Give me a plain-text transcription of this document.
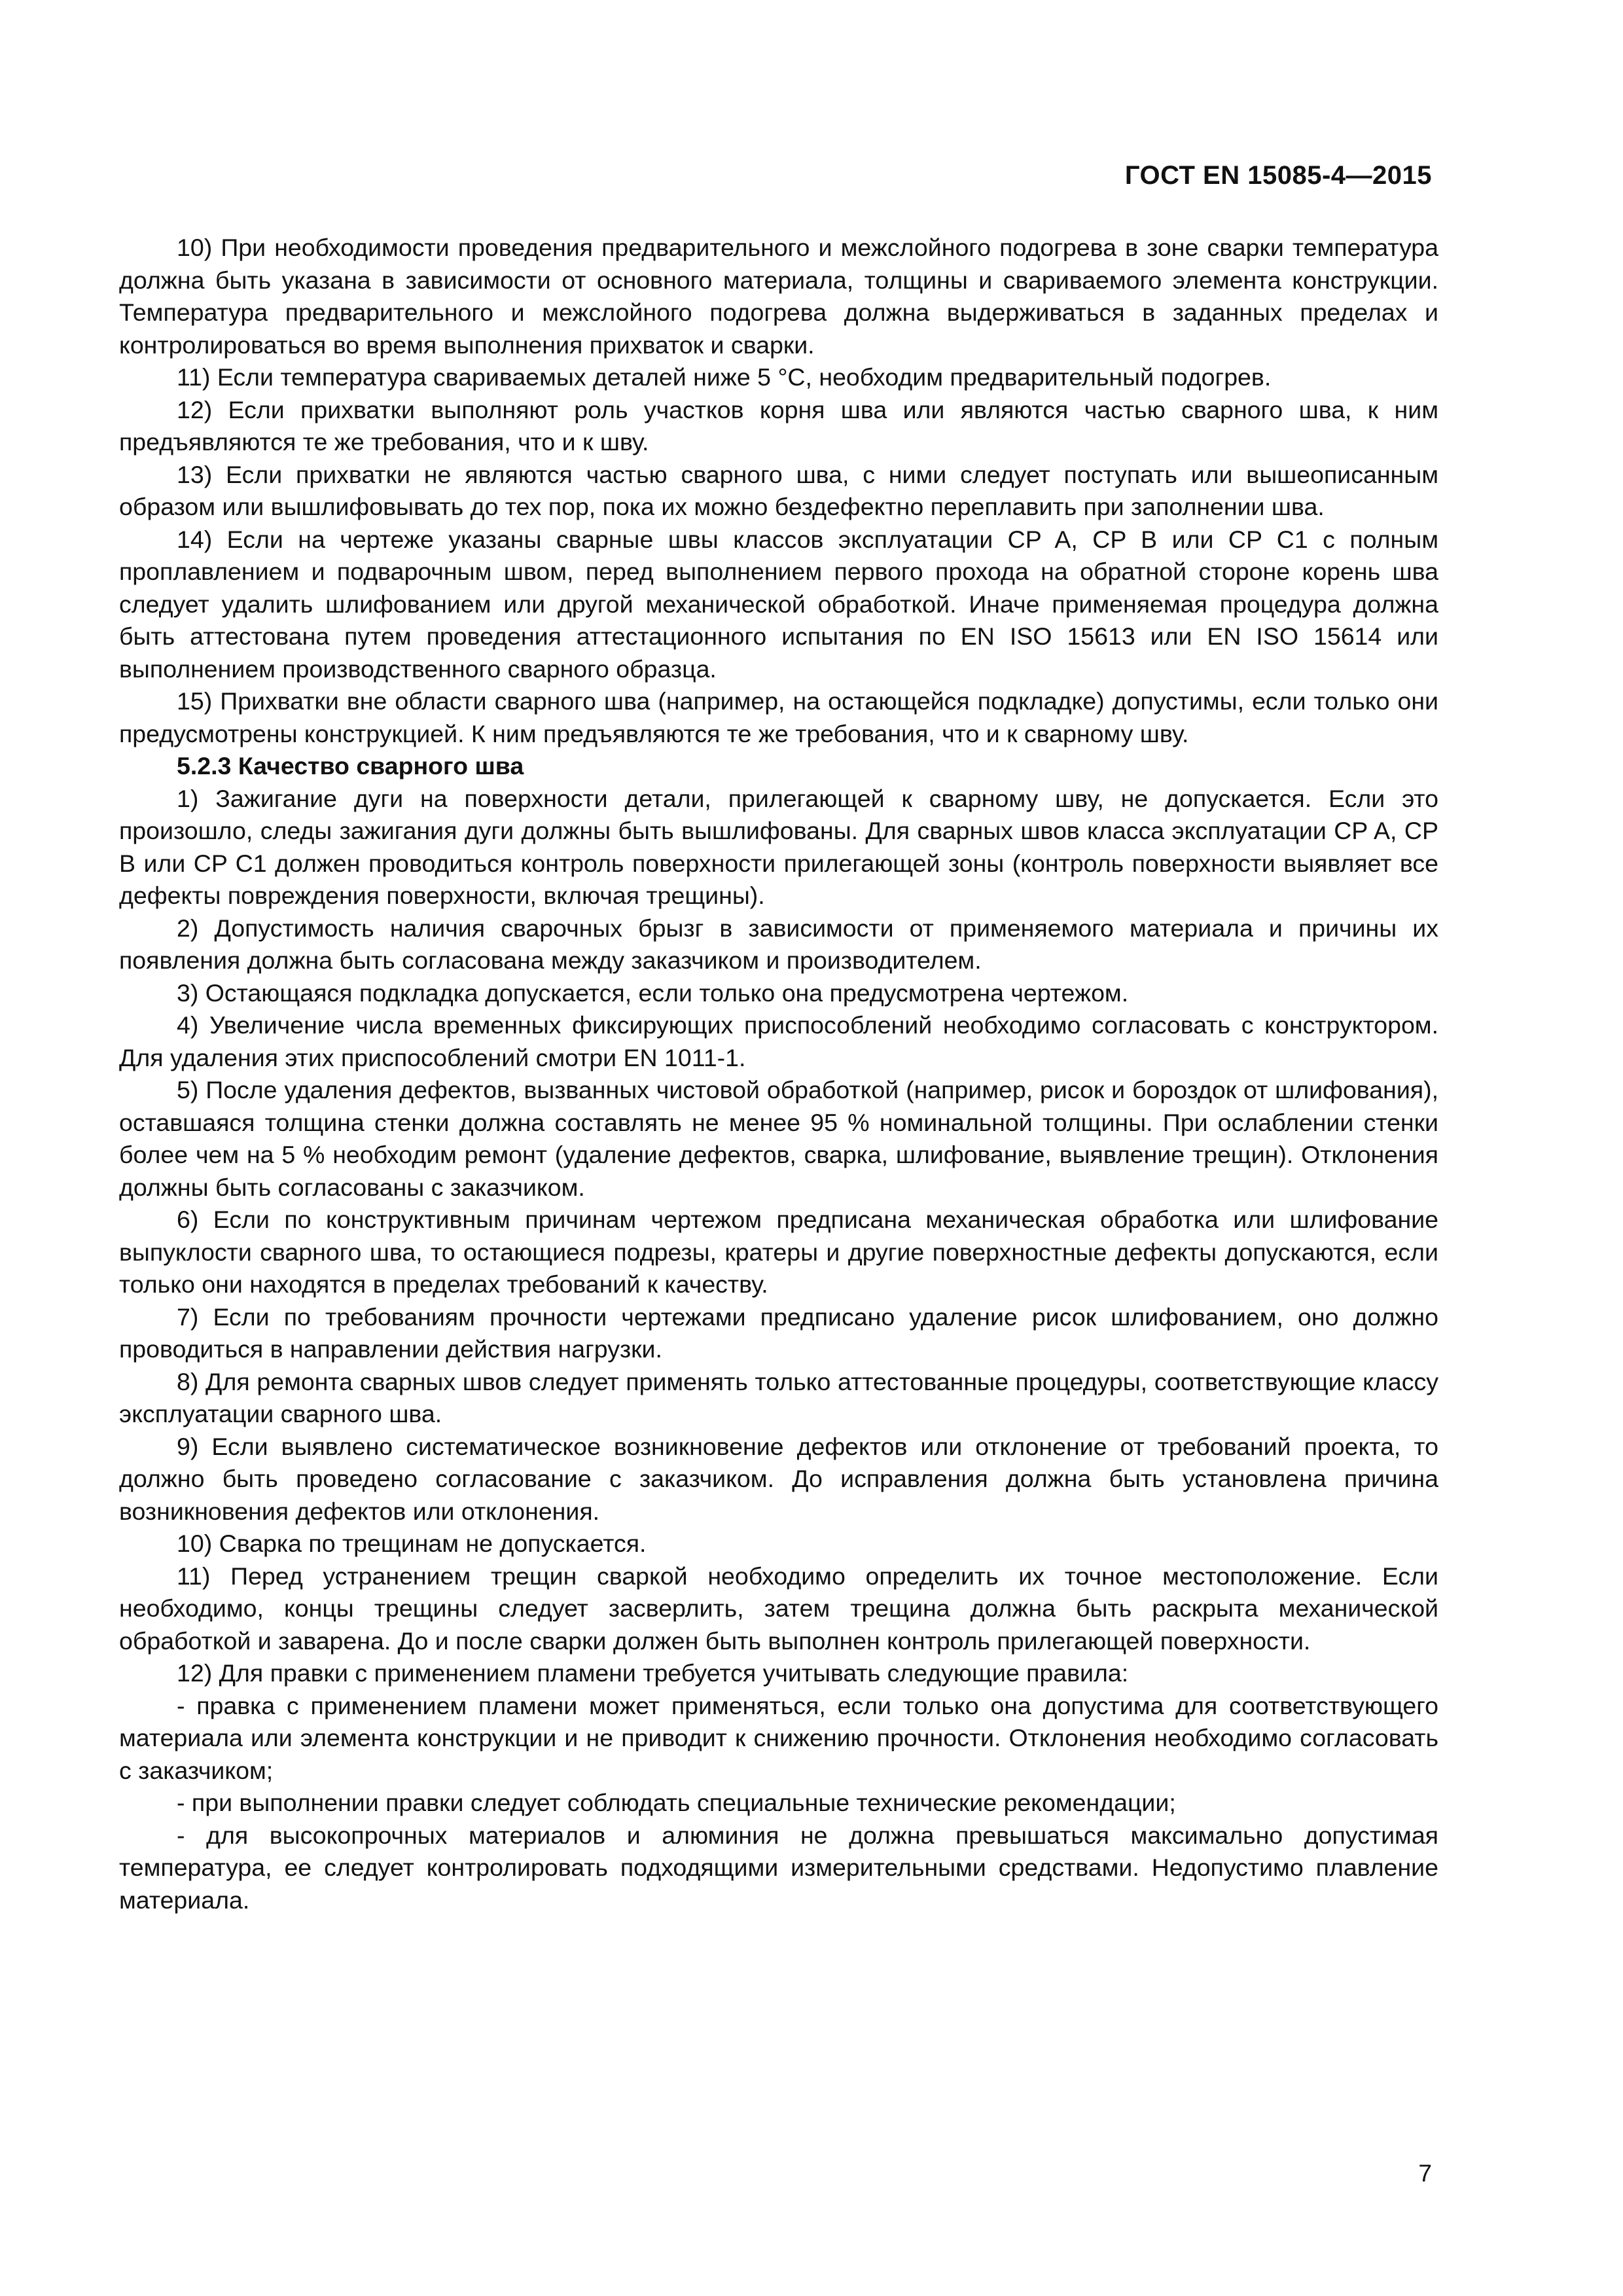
ГОСТ EN 15085-4—2015

10) При необходимости проведения предварительного и межслойного подогрева в зоне сварки температура должна быть указана в зависимости от основного материала, толщины и свариваемого элемента конструкции. Температура предварительного и межслойного подогрева должна выдерживаться в заданных пределах и контролироваться во время выполнения прихваток и сварки.

11) Если температура свариваемых деталей ниже 5 °C, необходим предварительный подогрев.

12) Если прихватки выполняют роль участков корня шва или являются частью сварного шва, к ним предъявляются те же требования, что и к шву.

13) Если прихватки не являются частью сварного шва, с ними следует поступать или вышеописанным образом или вышлифовывать до тех пор, пока их можно бездефектно переплавить при заполнении шва.

14) Если на чертеже указаны сварные швы классов эксплуатации CP A, CP B или CP C1 с полным проплавлением и подварочным швом, перед выполнением первого прохода на обратной стороне корень шва следует удалить шлифованием или другой механической обработкой. Иначе применяемая процедура должна быть аттестована путем проведения аттестационного испытания по EN ISO 15613 или EN ISO 15614 или выполнением производственного сварного образца.

15) Прихватки вне области сварного шва (например, на остающейся подкладке) допустимы, если только они предусмотрены конструкцией. К ним предъявляются те же требования, что и к сварному шву.

5.2.3 Качество сварного шва

1) Зажигание дуги на поверхности детали, прилегающей к сварному шву, не допускается. Если это произошло, следы зажигания дуги должны быть вышлифованы. Для сварных швов класса эксплуатации CP A, CP B или CP C1 должен проводиться контроль поверхности прилегающей зоны (контроль поверхности выявляет все дефекты повреждения поверхности, включая трещины).

2) Допустимость наличия сварочных брызг в зависимости от применяемого материала и причины их появления должна быть согласована между заказчиком и производителем.

3) Остающаяся подкладка допускается, если только она предусмотрена чертежом.

4) Увеличение числа временных фиксирующих приспособлений необходимо согласовать с конструктором. Для удаления этих приспособлений смотри EN 1011-1.

5) После удаления дефектов, вызванных чистовой обработкой (например, рисок и бороздок от шлифования), оставшаяся толщина стенки должна составлять не менее 95 % номинальной толщины. При ослаблении стенки более чем на 5 % необходим ремонт (удаление дефектов, сварка, шлифование, выявление трещин). Отклонения должны быть согласованы с заказчиком.

6) Если по конструктивным причинам чертежом предписана механическая обработка или шлифование выпуклости сварного шва, то остающиеся подрезы, кратеры и другие поверхностные дефекты допускаются, если только они находятся в пределах требований к качеству.

7) Если по требованиям прочности чертежами предписано удаление рисок шлифованием, оно должно проводиться в направлении действия нагрузки.

8) Для ремонта сварных швов следует применять только аттестованные процедуры, соответствующие классу эксплуатации сварного шва.

9) Если выявлено систематическое возникновение дефектов или отклонение от требований проекта, то должно быть проведено согласование с заказчиком. До исправления должна быть установлена причина возникновения дефектов или отклонения.

10) Сварка по трещинам не допускается.

11) Перед устранением трещин сваркой необходимо определить их точное местоположение. Если необходимо, концы трещины следует засверлить, затем трещина должна быть раскрыта механической обработкой и заварена. До и после сварки должен быть выполнен контроль прилегающей поверхности.

12) Для правки с применением пламени требуется учитывать следующие правила:

- правка с применением пламени может применяться, если только она допустима для соответствующего материала или элемента конструкции и не приводит к снижению прочности. Отклонения необходимо согласовать с заказчиком;

- при выполнении правки следует соблюдать специальные технические рекомендации;

- для высокопрочных материалов и алюминия не должна превышаться максимально допустимая температура, ее следует контролировать подходящими измерительными средствами. Недопустимо плавление материала.

7
